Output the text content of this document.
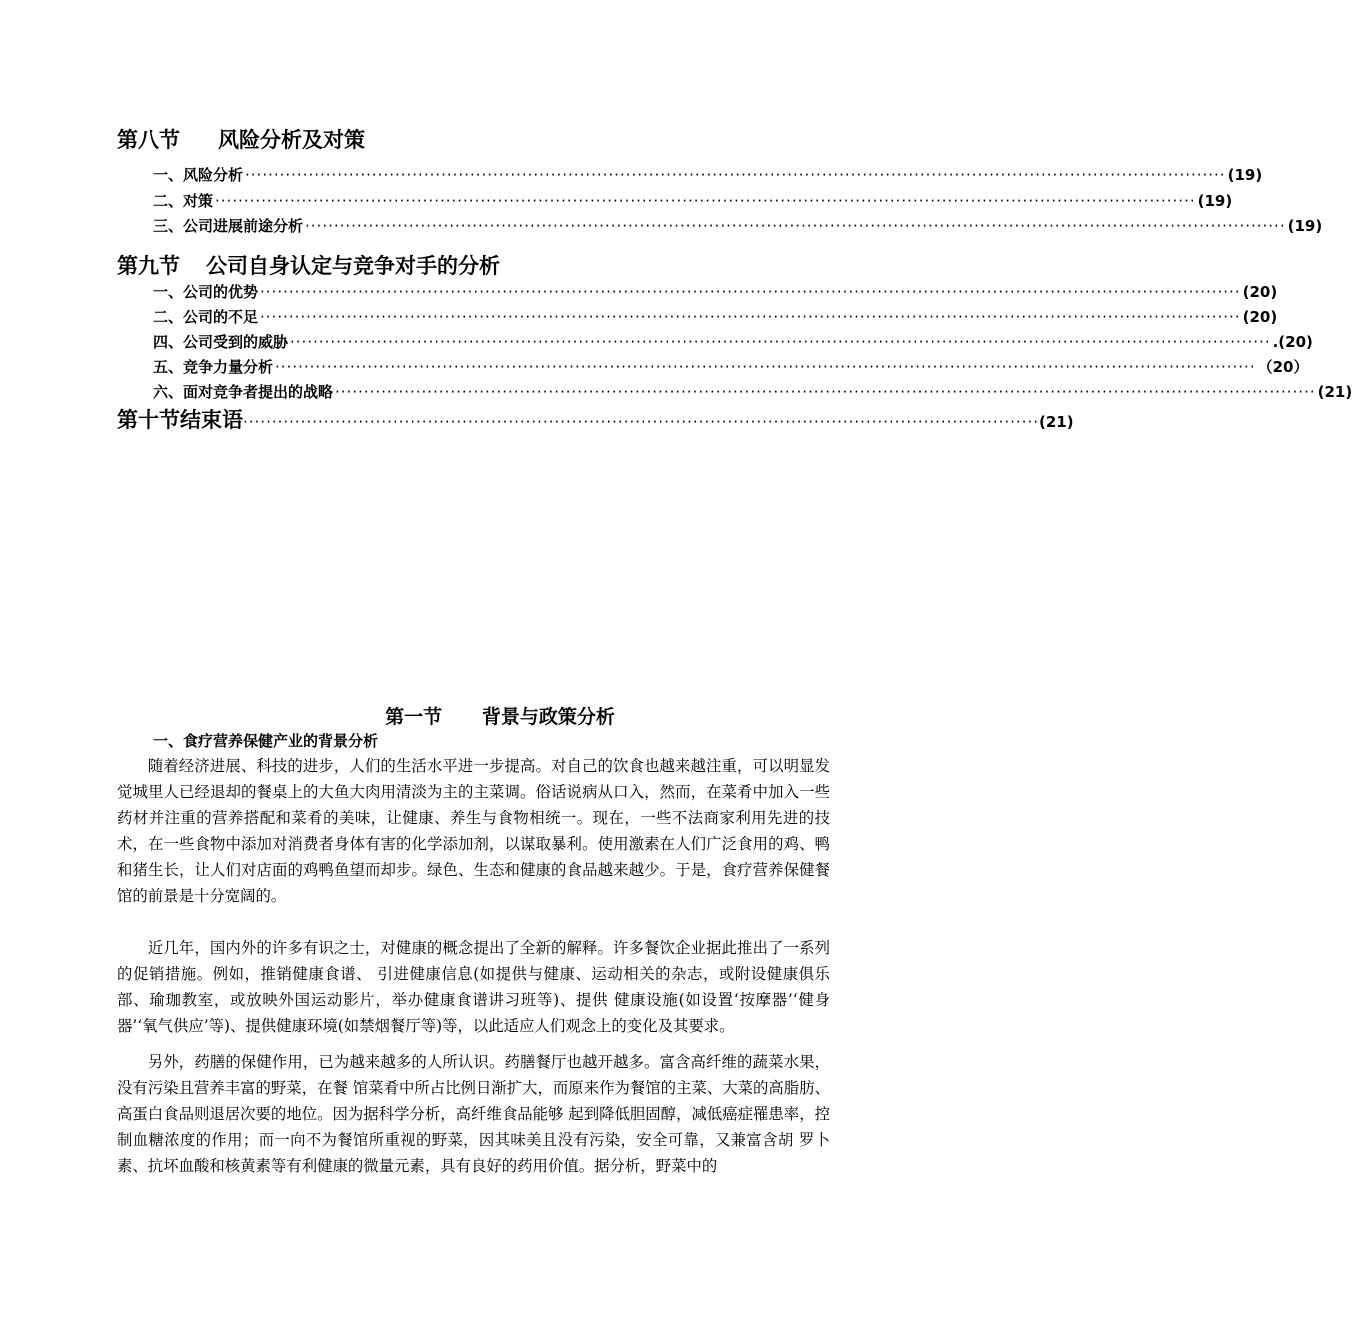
第八节 风险分析及对策
一、风险分析 ·····	(19)
二、对策 ·····	(19)
三、公司进展前途分析 ·····	(19)
第九节 公司自身认定与竞争对手的分析
一、公司的优势 ·····	(20)
二、公司的不足 ·····	(20)
四、公司受到的威胁 ·····	.(20)
五、竞争力量分析 ·····	（20）
六、面对竞争者提出的战略 ·····	(21)
第十节 结束语 ·········································································································································· (21)
第一节      背景与政策分析
一、食疗营养保健产业的背景分析
随着经济进展、科技的进步，人们的生活水平进一步提高。对自己的饮食也越来越注重，可以明显发觉城里人已经退却的餐桌上的大鱼大肉用清淡为主的主菜调。俗话说病从口入，然而，在菜肴中加入一些药材并注重的营养搭配和菜肴的美味，让健康、养生与食物相统一。现在，一些不法商家利用先进的技术，在一些食物中添加对消费者身体有害的化学添加剂，以谋取暴利。使用激素在人们广泛食用的鸡、鸭和猪生长，让人们对店面的鸡鸭鱼望而却步。绿色、生态和健康的食品越来越少。于是，食疗营养保健餐馆的前景是十分宽阔的。
近几年，国内外的许多有识之士，对健康的概念提出了全新的解释。许多餐饮企业据此推出了一系列的促销措施。例如，推销健康食谱、 引进健康信息(如提供与健康、运动相关的杂志，或附设健康俱乐部、瑜珈教室，或放映外国运动影片，举办健康食谱讲习班等)、提供 健康设施(如设置‘按摩器’‘健身器’‘氧气供应’等)、提供健康环境(如禁烟餐厅等)等，以此适应人们观念上的变化及其要求。
另外，药膳的保健作用，已为越来越多的人所认识。药膳餐厅也越开越多。富含高纤维的蔬菜水果，没有污染且营养丰富的野菜，在餐 馆菜肴中所占比例日渐扩大，而原来作为餐馆的主菜、大菜的高脂肪、高蛋白食品则退居次要的地位。因为据科学分析，高纤维食品能够 起到降低胆固醇，减低癌症罹患率，控制血糖浓度的作用；而一向不为餐馆所重视的野菜，因其味美且没有污染，安全可靠，又兼富含胡 罗卜素、抗坏血酸和核黄素等有利健康的微量元素，具有良好的药用价值。据分析，野菜中的
